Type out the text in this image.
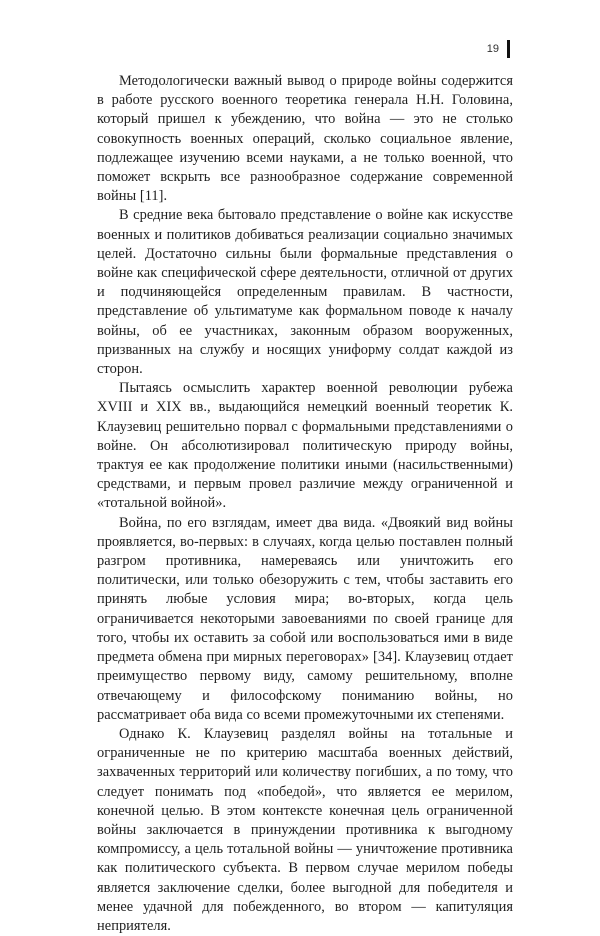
19

Методологически важный вывод о природе войны содержится в работе русского военного теоретика генерала Н.Н. Головина, который пришел к убеждению, что война — это не столько совокупность военных операций, сколько социальное явление, подлежащее изучению всеми науками, а не только военной, что поможет вскрыть все разнообразное содержание современной войны [11].

В средние века бытовало представление о войне как искусстве военных и политиков добиваться реализации социально значимых целей. Достаточно сильны были формальные представления о войне как специфической сфере деятельности, отличной от других и подчиняющейся определенным правилам. В частности, представление об ультиматуме как формальном поводе к началу войны, об ее участниках, законным образом вооруженных, призванных на службу и носящих униформу солдат каждой из сторон.

Пытаясь осмыслить характер военной революции рубежа XVIII и XIX вв., выдающийся немецкий военный теоретик К. Клаузевиц решительно порвал с формальными представлениями о войне. Он абсолютизировал политическую природу войны, трактуя ее как продолжение политики иными (насильственными) средствами, и первым провел различие между ограниченной и «тотальной войной».

Война, по его взглядам, имеет два вида. «Двоякий вид войны проявляется, во-первых: в случаях, когда целью поставлен полный разгром противника, намереваясь или уничтожить его политически, или только обезоружить с тем, чтобы заставить его принять любые условия мира; во-вторых, когда цель ограничивается некоторыми завоеваниями по своей границе для того, чтобы их оставить за собой или воспользоваться ими в виде предмета обмена при мирных переговорах» [34]. Клаузевиц отдает преимущество первому виду, самому решительному, вполне отвечающему и философскому пониманию войны, но рассматривает оба вида со всеми промежуточными их степенями.

Однако К. Клаузевиц разделял войны на тотальные и ограниченные не по критерию масштаба военных действий, захваченных территорий или количеству погибших, а по тому, что следует понимать под «победой», что является ее мерилом, конечной целью. В этом контексте конечная цель ограниченной войны заключается в принуждении противника к выгодному компромиссу, а цель тотальной войны — уничтожение противника как политического субъекта. В первом случае мерилом победы является заключение сделки, более выгодной для победителя и менее удачной для побежденного, во втором — капитуляция неприятеля.
